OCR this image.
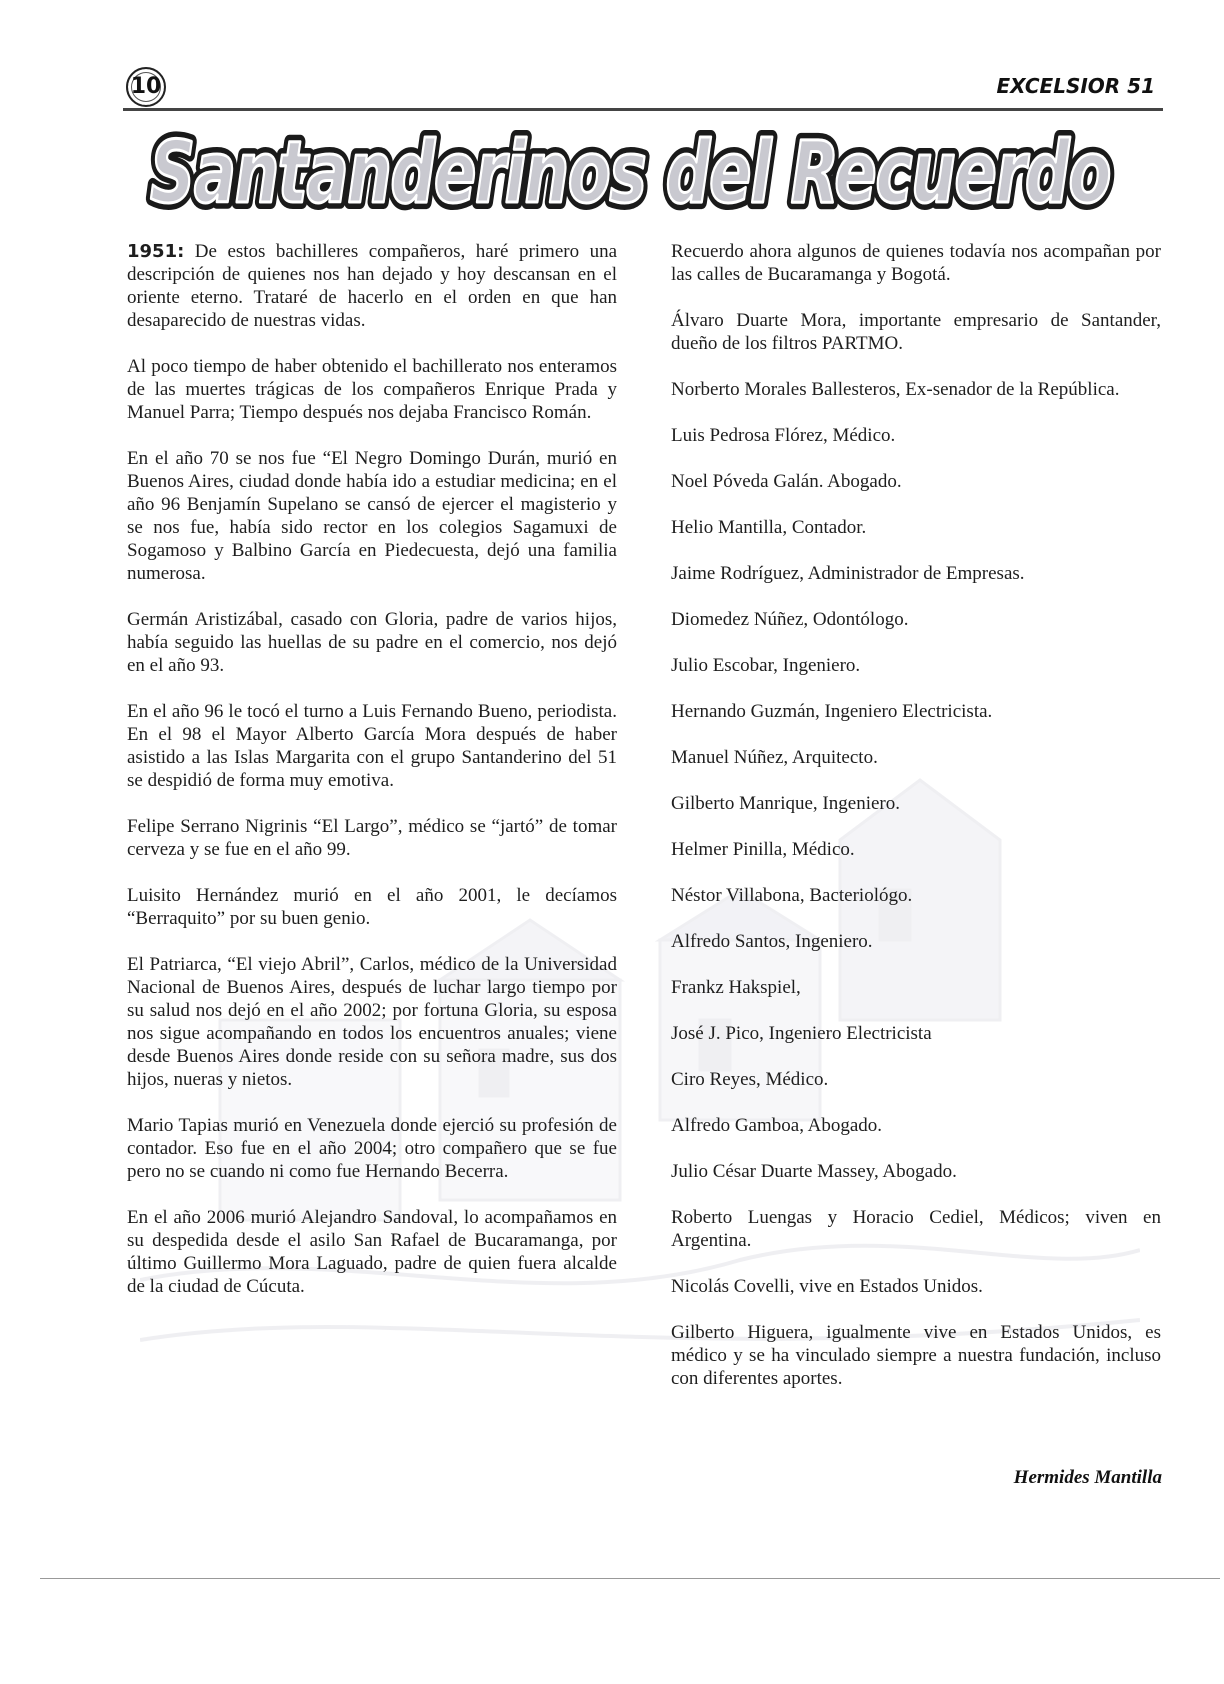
10	EXCELSIOR 51
Santanderinos del Recuerdo
Santanderinos del Recuerdo

1951: De estos bachilleres compañeros, haré primero una descripción de quienes nos han dejado y hoy descansan en el oriente eterno. Trataré de hacerlo en el orden en que han desaparecido de nuestras vidas.

Al poco tiempo de haber obtenido el bachillerato nos enteramos de las muertes trágicas de los compañeros Enrique Prada y Manuel Parra; Tiempo después nos dejaba Francisco Román.

En el año 70 se nos fue “El Negro Domingo Durán, murió en Buenos Aires, ciudad donde había ido a estudiar medicina; en el año 96 Benjamín Supelano se cansó de ejercer el magisterio y se nos fue, había sido rector en los colegios Sagamuxi de Sogamoso y Balbino García en Piedecuesta, dejó una familia numerosa.

Germán Aristizábal, casado con Gloria, padre de varios hijos, había seguido las huellas de su padre en el comercio, nos dejó en el año 93.

En el año 96 le tocó el turno a Luis Fernando Bueno, periodista. En el 98 el Mayor Alberto García Mora después de haber asistido a las Islas Margarita con el grupo Santanderino del 51 se despidió de forma muy emotiva.

Felipe Serrano Nigrinis “El Largo”, médico se “jartó” de tomar cerveza y se fue en el año 99.

Luisito Hernández murió en el año 2001, le decíamos “Berraquito” por su buen genio.

El Patriarca, “El viejo Abril”, Carlos, médico de la Universidad Nacional de Buenos Aires, después de luchar largo tiempo por su salud nos dejó en el año 2002; por fortuna Gloria, su esposa nos sigue acompañando en todos los encuentros anuales; viene desde Buenos Aires donde reside con su señora madre, sus dos hijos, nueras y nietos.

Mario Tapias murió en Venezuela donde ejerció su profesión de contador. Eso fue en el año 2004; otro compañero que se fue pero no se cuando ni como fue Hernando Becerra.

En el año 2006 murió Alejandro Sandoval, lo acompañamos en su despedida desde el asilo San Rafael de Bucaramanga, por último Guillermo Mora Laguado, padre de quien fuera alcalde de la ciudad de Cúcuta.

Recuerdo ahora algunos de quienes todavía nos acompañan por las calles de Bucaramanga y Bogotá.

Álvaro Duarte Mora, importante empresario de Santander, dueño de los filtros PARTMO.

Norberto Morales Ballesteros, Ex-senador de la República.

Luis Pedrosa Flórez, Médico.

Noel Póveda Galán. Abogado.

Helio Mantilla, Contador.

Jaime Rodríguez, Administrador de Empresas.

Diomedez Núñez, Odontólogo.

Julio Escobar, Ingeniero.

Hernando Guzmán, Ingeniero Electricista.

Manuel Núñez, Arquitecto.

Gilberto Manrique, Ingeniero.

Helmer Pinilla, Médico.

Néstor Villabona, Bacteriológo.

Alfredo Santos, Ingeniero.

Frankz Hakspiel,

José J. Pico, Ingeniero Electricista

Ciro Reyes, Médico.

Alfredo Gamboa, Abogado.

Julio César Duarte Massey, Abogado.

Roberto Luengas y Horacio Cediel, Médicos; viven en Argentina.

Nicolás Covelli, vive en Estados Unidos.

Gilberto Higuera, igualmente vive en Estados Unidos, es médico y se ha vinculado siempre a nuestra fundación, incluso con diferentes aportes.

Hermides Mantilla
